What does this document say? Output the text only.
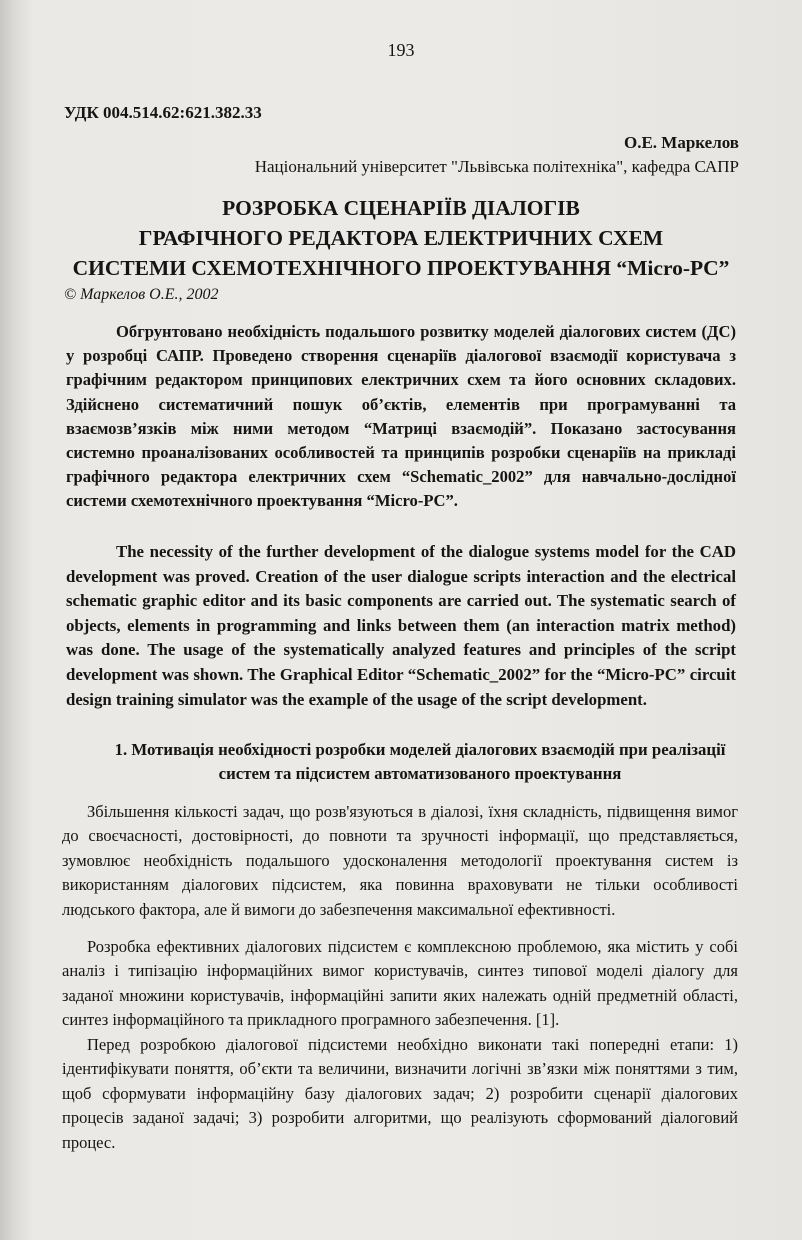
193
УДК 004.514.62:621.382.33
О.Е. Маркелов
Національний університет "Львівська політехніка", кафедра САПР
РОЗРОБКА СЦЕНАРІЇВ ДІАЛОГІВ
ГРАФІЧНОГО РЕДАКТОРА ЕЛЕКТРИЧНИХ СХЕМ
СИСТЕМИ СХЕМОТЕХНІЧНОГО ПРОЕКТУВАННЯ “Micro-PC”
© Маркелов О.Е., 2002

Обгрунтовано необхідність подальшого розвитку моделей діалогових систем (ДС) у розробці САПР. Проведено створення сценаріїв діалогової взаємодії користувача з графічним редактором принципових електричних схем та його основних складових. Здійснено систематичний пошук об’єктів, елементів при програмуванні та взаємозв’язків між ними методом “Матриці взаємодій”. Показано застосування системно проаналізованих особливостей та принципів розробки сценаріїв на прикладі графічного редактора електричних схем “Schematic_2002” для навчально-дослідної системи схемотехнічного проектування “Micro-PC”.

The necessity of the further development of the dialogue systems model for the CAD development was proved. Creation of the user dialogue scripts interaction and the electrical schematic graphic editor and its basic components are carried out. The systematic search of objects, elements in programming and links between them (an interaction matrix method) was done. The usage of the systematically analyzed features and principles of the script development was shown. The Graphical Editor “Schematic_2002” for the “Micro-PC” circuit design training simulator was the example of the usage of the script development.

1. Мотивація необхідності розробки моделей діалогових взаємодій при реалізації
систем та підсистем автоматизованого проектування

Збільшення кількості задач, що розв'язуються в діалозі, їхня складність, підвищення вимог до своєчасності, достовірності, до повноти та зручності інформації, що представляється, зумовлює необхідність подальшого удосконалення методології проектування систем із використанням діалогових підсистем, яка повинна враховувати не тільки особливості людського фактора, але й вимоги до забезпечення максимальної ефективності.

Розробка ефективних діалогових підсистем є комплексною проблемою, яка містить у собі аналіз і типізацію інформаційних вимог користувачів, синтез типової моделі діалогу для заданої множини користувачів, інформаційні запити яких належать одній предметній області, синтез інформаційного та прикладного програмного забезпечення. [1].

Перед розробкою діалогової підсистеми необхідно виконати такі попередні етапи: 1) ідентифікувати поняття, об’єкти та величини, визначити логічні зв’язки між поняттями з тим, щоб сформувати інформаційну базу діалогових задач; 2) розробити сценарії діалогових процесів заданої задачі; 3) розробити алгоритми, що реалізують сформований діалоговий процес.
